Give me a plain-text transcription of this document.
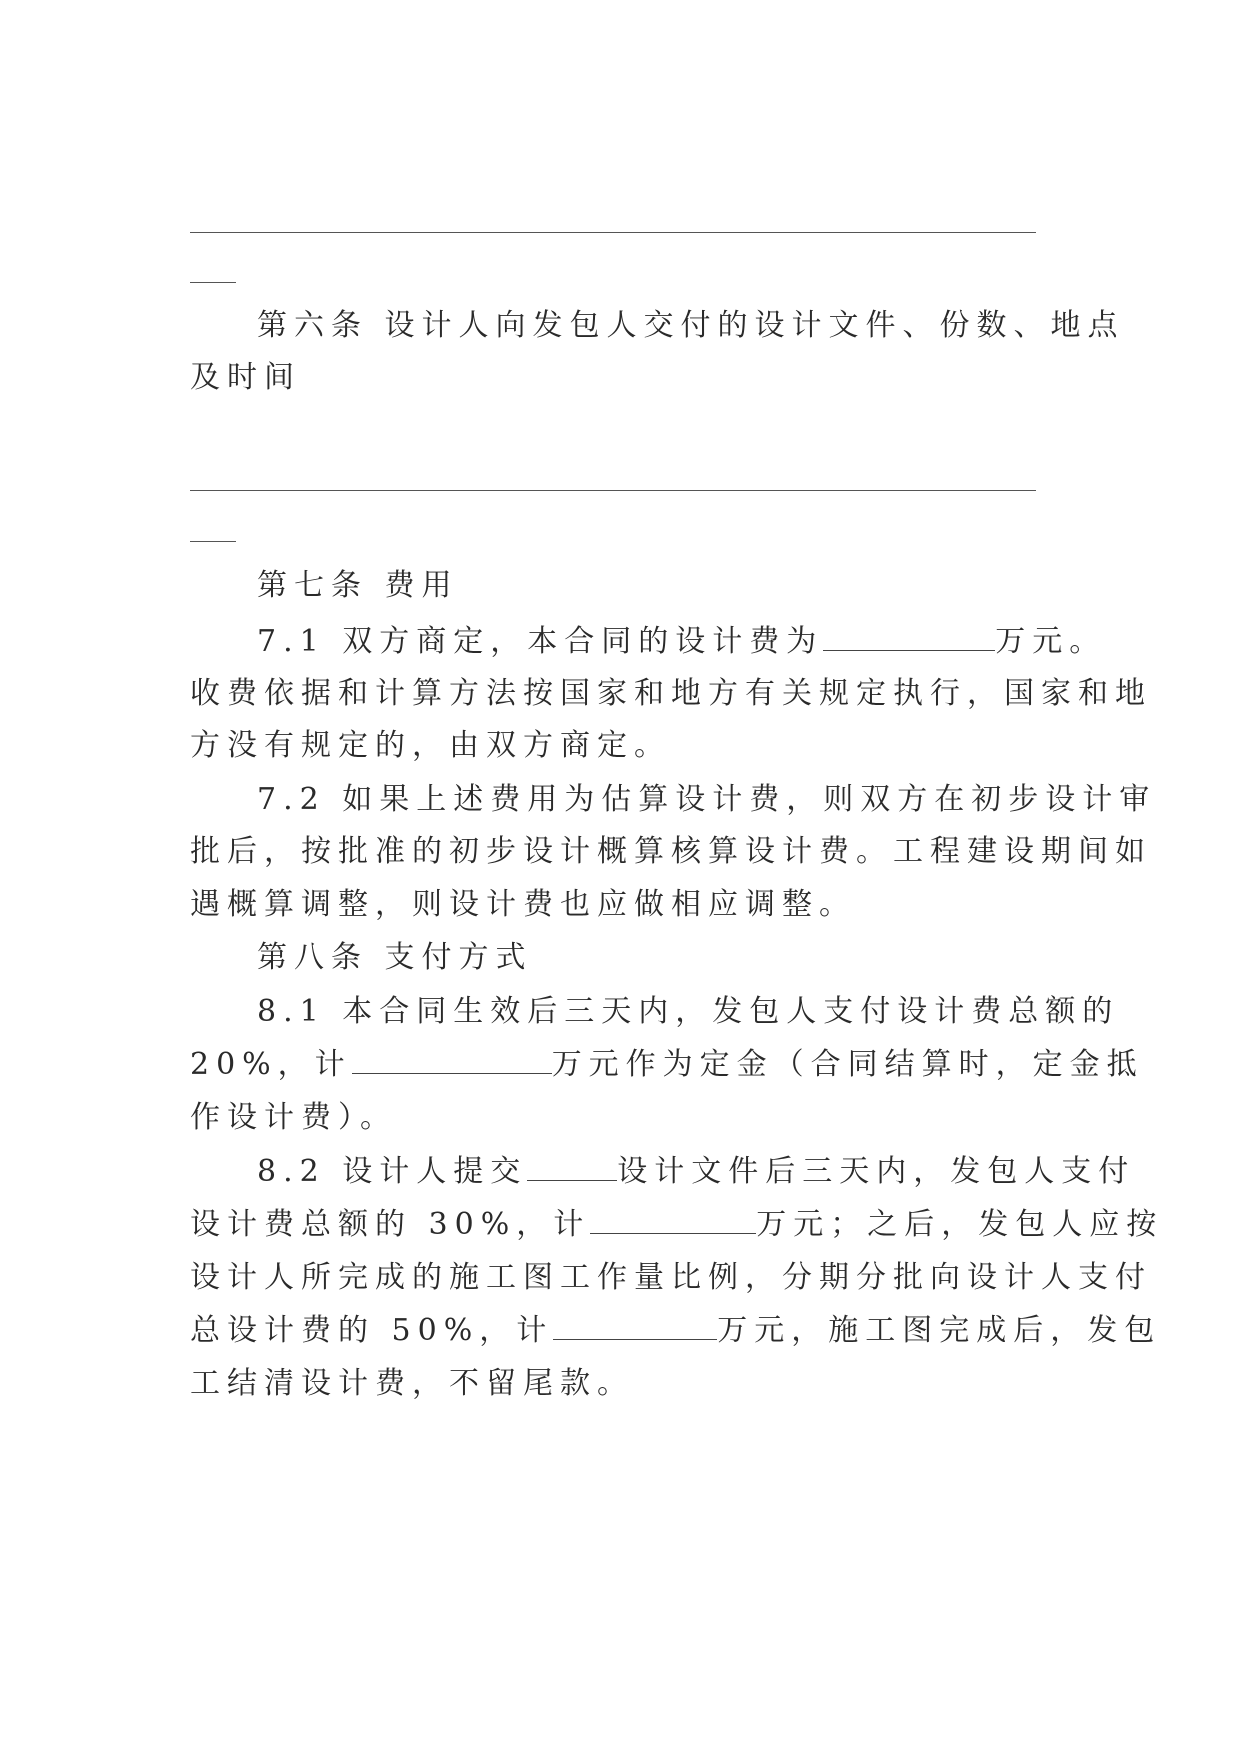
第六条 设计人向发包人交付的设计文件、份数、地点
及时间
第七条 费用
7.1 双方商定，本合同的设计费为	万元。
收费依据和计算方法按国家和地方有关规定执行，国家和地
方没有规定的，由双方商定。
7.2 如果上述费用为估算设计费，则双方在初步设计审
批后，按批准的初步设计概算核算设计费。工程建设期间如
遇概算调整，则设计费也应做相应调整。
第八条 支付方式
8.1 本合同生效后三天内，发包人支付设计费总额的
20%，计	万元作为定金（合同结算时，定金抵
作设计费）。
8.2 设计人提交	设计文件后三天内，发包人支付
设计费总额的 30%，计	万元；之后，发包人应按
设计人所完成的施工图工作量比例，分期分批向设计人支付
总设计费的 50%，计	万元，施工图完成后，发包
工结清设计费，不留尾款。
